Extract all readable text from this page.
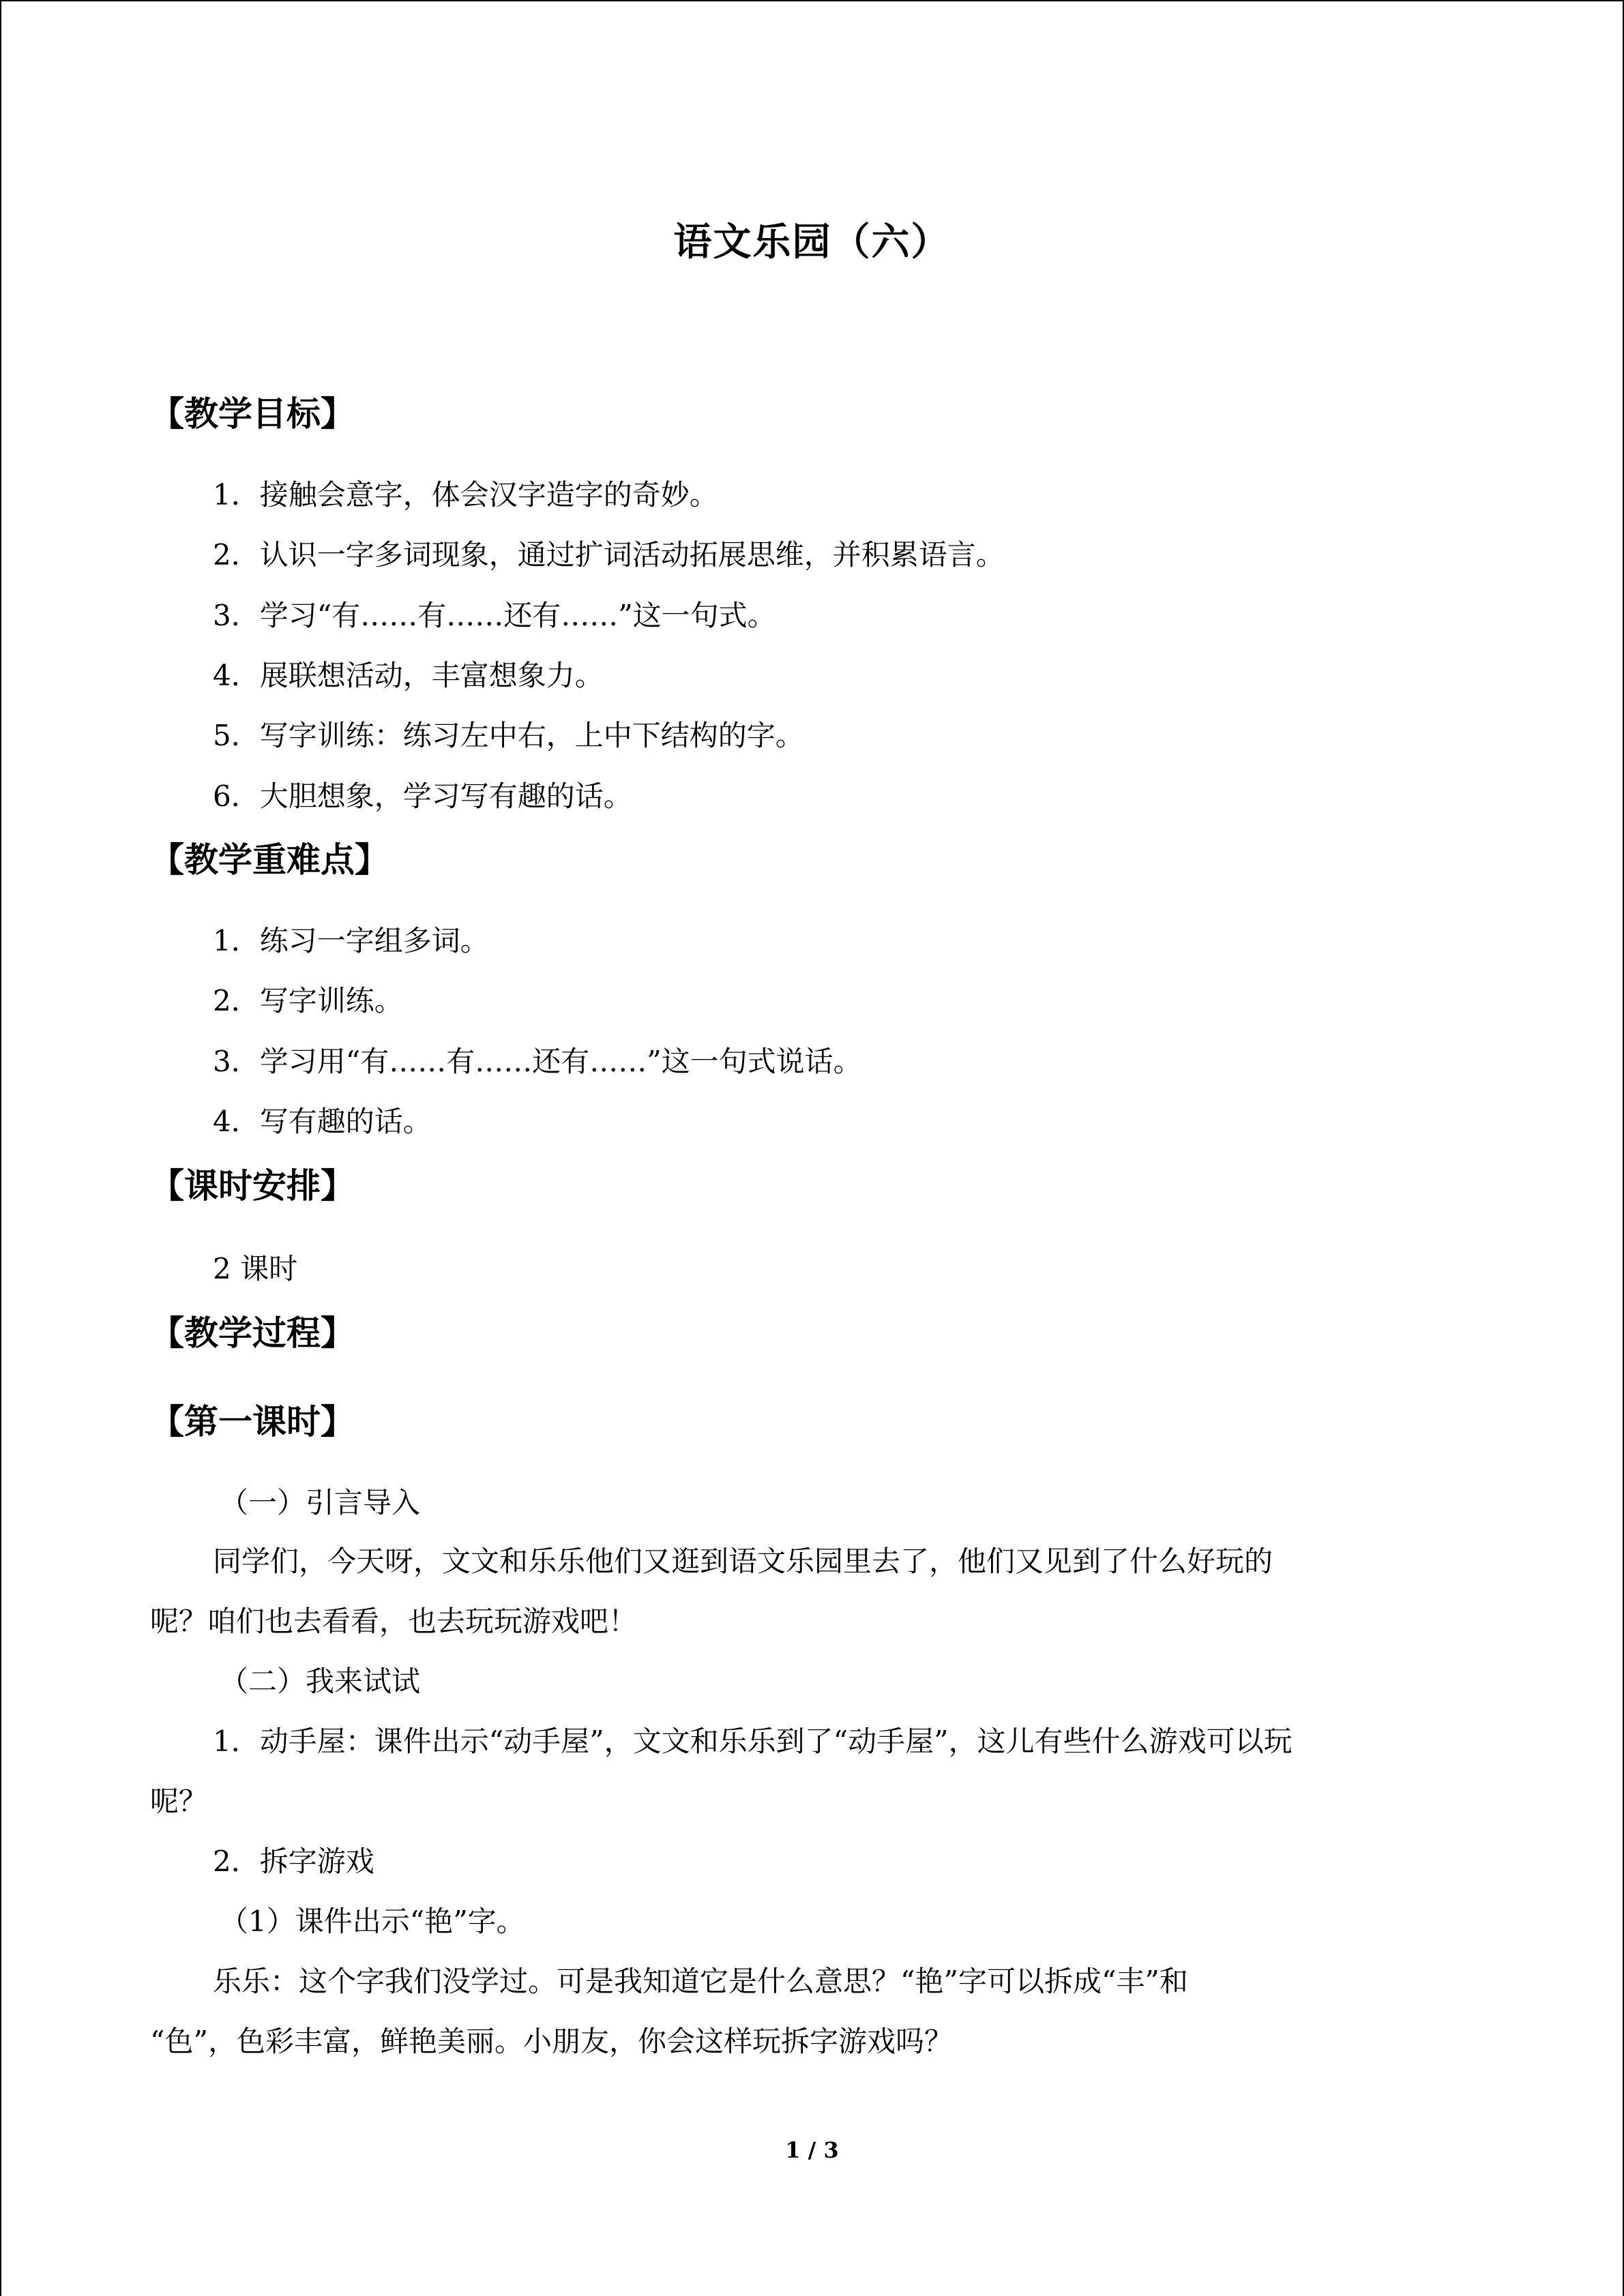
语文乐园（六）
【教学目标】
1．接触会意字，体会汉字造字的奇妙。
2．认识一字多词现象，通过扩词活动拓展思维，并积累语言。
3．学习“有……有……还有……”这一句式。
4．展联想活动，丰富想象力。
5．写字训练：练习左中右，上中下结构的字。
6．大胆想象，学习写有趣的话。
【教学重难点】
1．练习一字组多词。
2．写字训练。
3．学习用“有……有……还有……”这一句式说话。
4．写有趣的话。
【课时安排】
2 课时
【教学过程】
【第一课时】
（一）引言导入
同学们，今天呀，文文和乐乐他们又逛到语文乐园里去了，他们又见到了什么好玩的
呢？咱们也去看看，也去玩玩游戏吧！
（二）我来试试
1．动手屋：课件出示“动手屋”，文文和乐乐到了“动手屋”，这儿有些什么游戏可以玩
呢？
2．拆字游戏
（1）课件出示“艳”字。
乐乐：这个字我们没学过。可是我知道它是什么意思？“艳”字可以拆成“丰”和
“色”，色彩丰富，鲜艳美丽。小朋友，你会这样玩拆字游戏吗？
1 / 3
